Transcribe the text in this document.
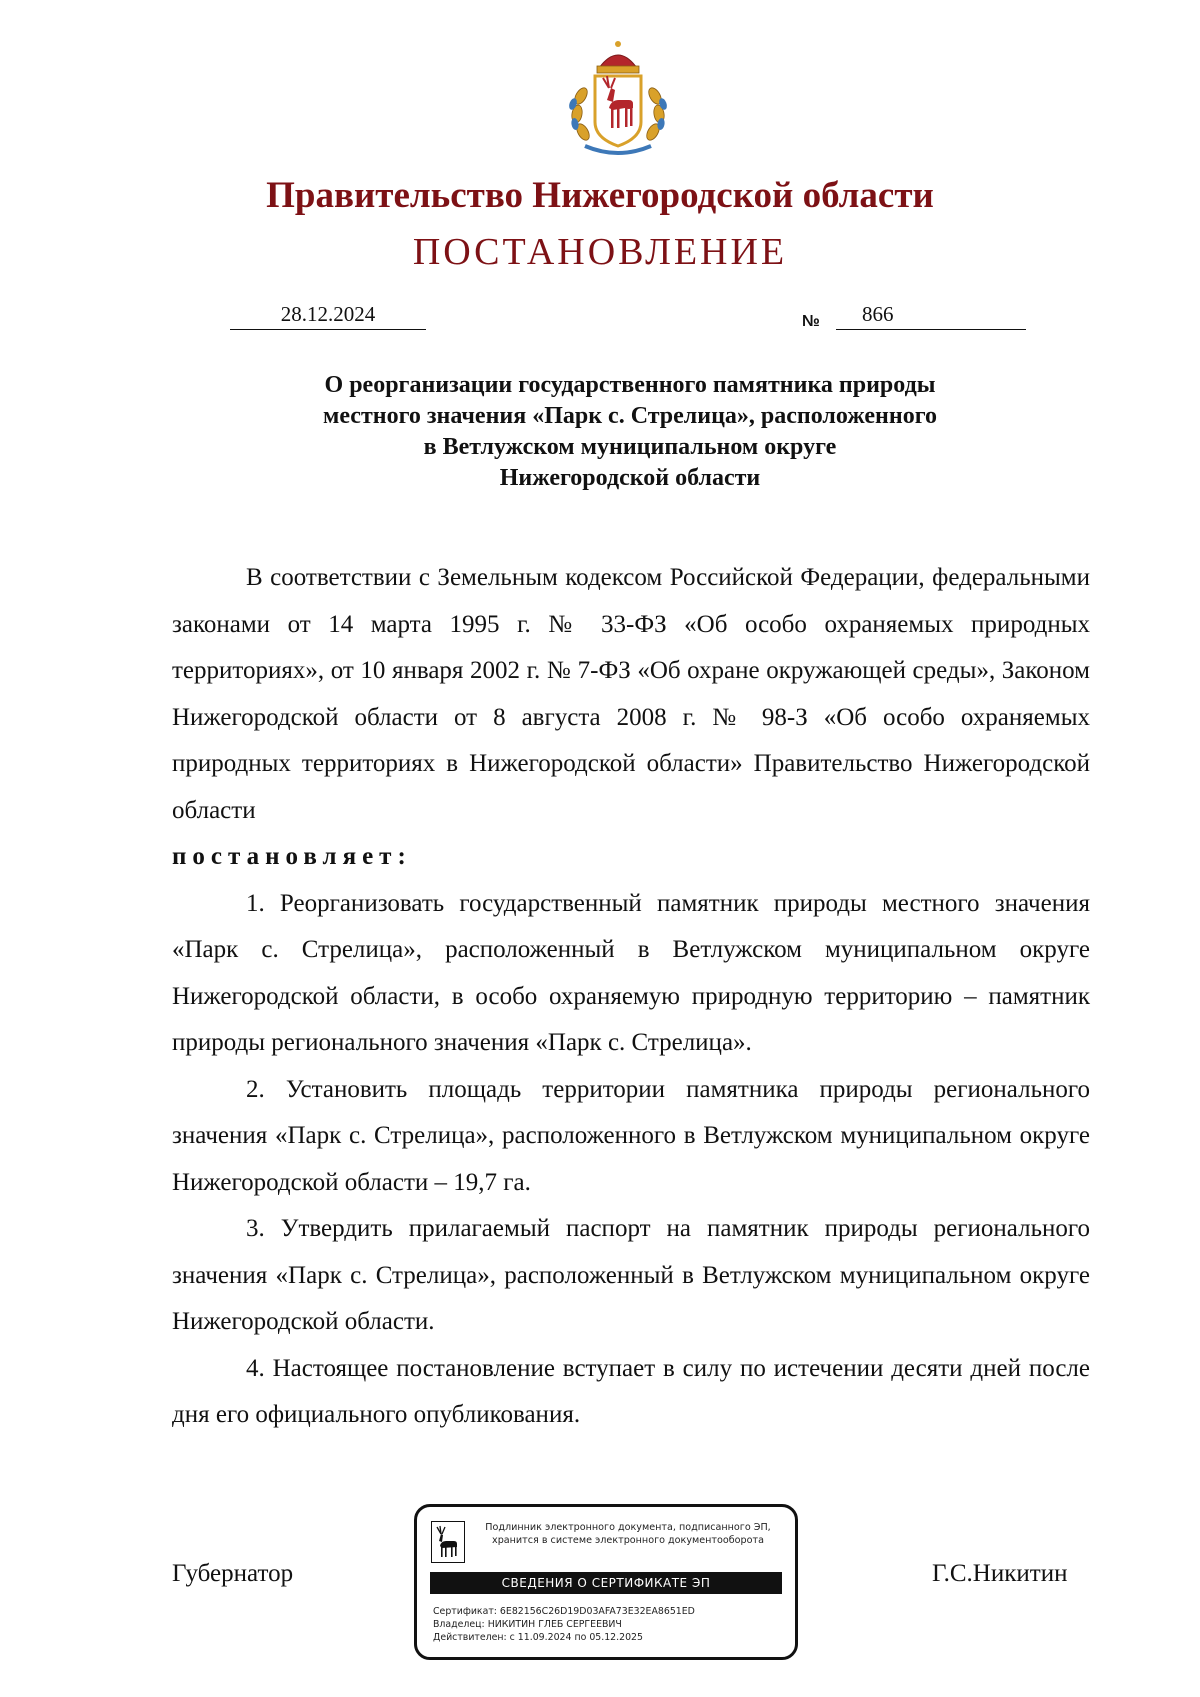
Правительство Нижегородской области
ПОСТАНОВЛЕНИЕ
28.12.2024	№	866
О реорганизации государственного памятника природы
местного значения «Парк с. Стрелица», расположенного
в Ветлужском муниципальном округе
Нижегородской области

В соответствии с Земельным кодексом Российской Федерации, федеральными законами от 14 марта 1995 г. № 33-ФЗ «Об особо охраняемых природных территориях», от 10 января 2002 г. № 7-ФЗ «Об охране окружающей среды», Законом Нижегородской области от 8 августа 2008 г. № 98-З «Об особо охраняемых природных территориях в Нижегородской области» Правительство Нижегородской области

постановляет:

1. Реорганизовать государственный памятник природы местного значения «Парк с. Стрелица», расположенный в Ветлужском муниципальном округе Нижегородской области, в особо охраняемую природную территорию – памятник природы регионального значения «Парк с. Стрелица».

2. Установить площадь территории памятника природы регионального значения «Парк с. Стрелица», расположенного в Ветлужском муниципальном округе Нижегородской области – 19,7 га.

3. Утвердить прилагаемый паспорт на памятник природы регионального значения «Парк с. Стрелица», расположенный в Ветлужском муниципальном округе Нижегородской области.

4. Настоящее постановление вступает в силу по истечении десяти дней после дня его официального опубликования.

Губернатор	Г.С.Никитин
Подлинник электронного документа, подписанного ЭП,
хранится в системе электронного документооборота
СВЕДЕНИЯ О СЕРТИФИКАТЕ ЭП
Сертификат: 6E82156C26D19D03AFA73E32EA8651ED
Владелец: НИКИТИН ГЛЕБ СЕРГЕЕВИЧ
Действителен: с 11.09.2024 по 05.12.2025
